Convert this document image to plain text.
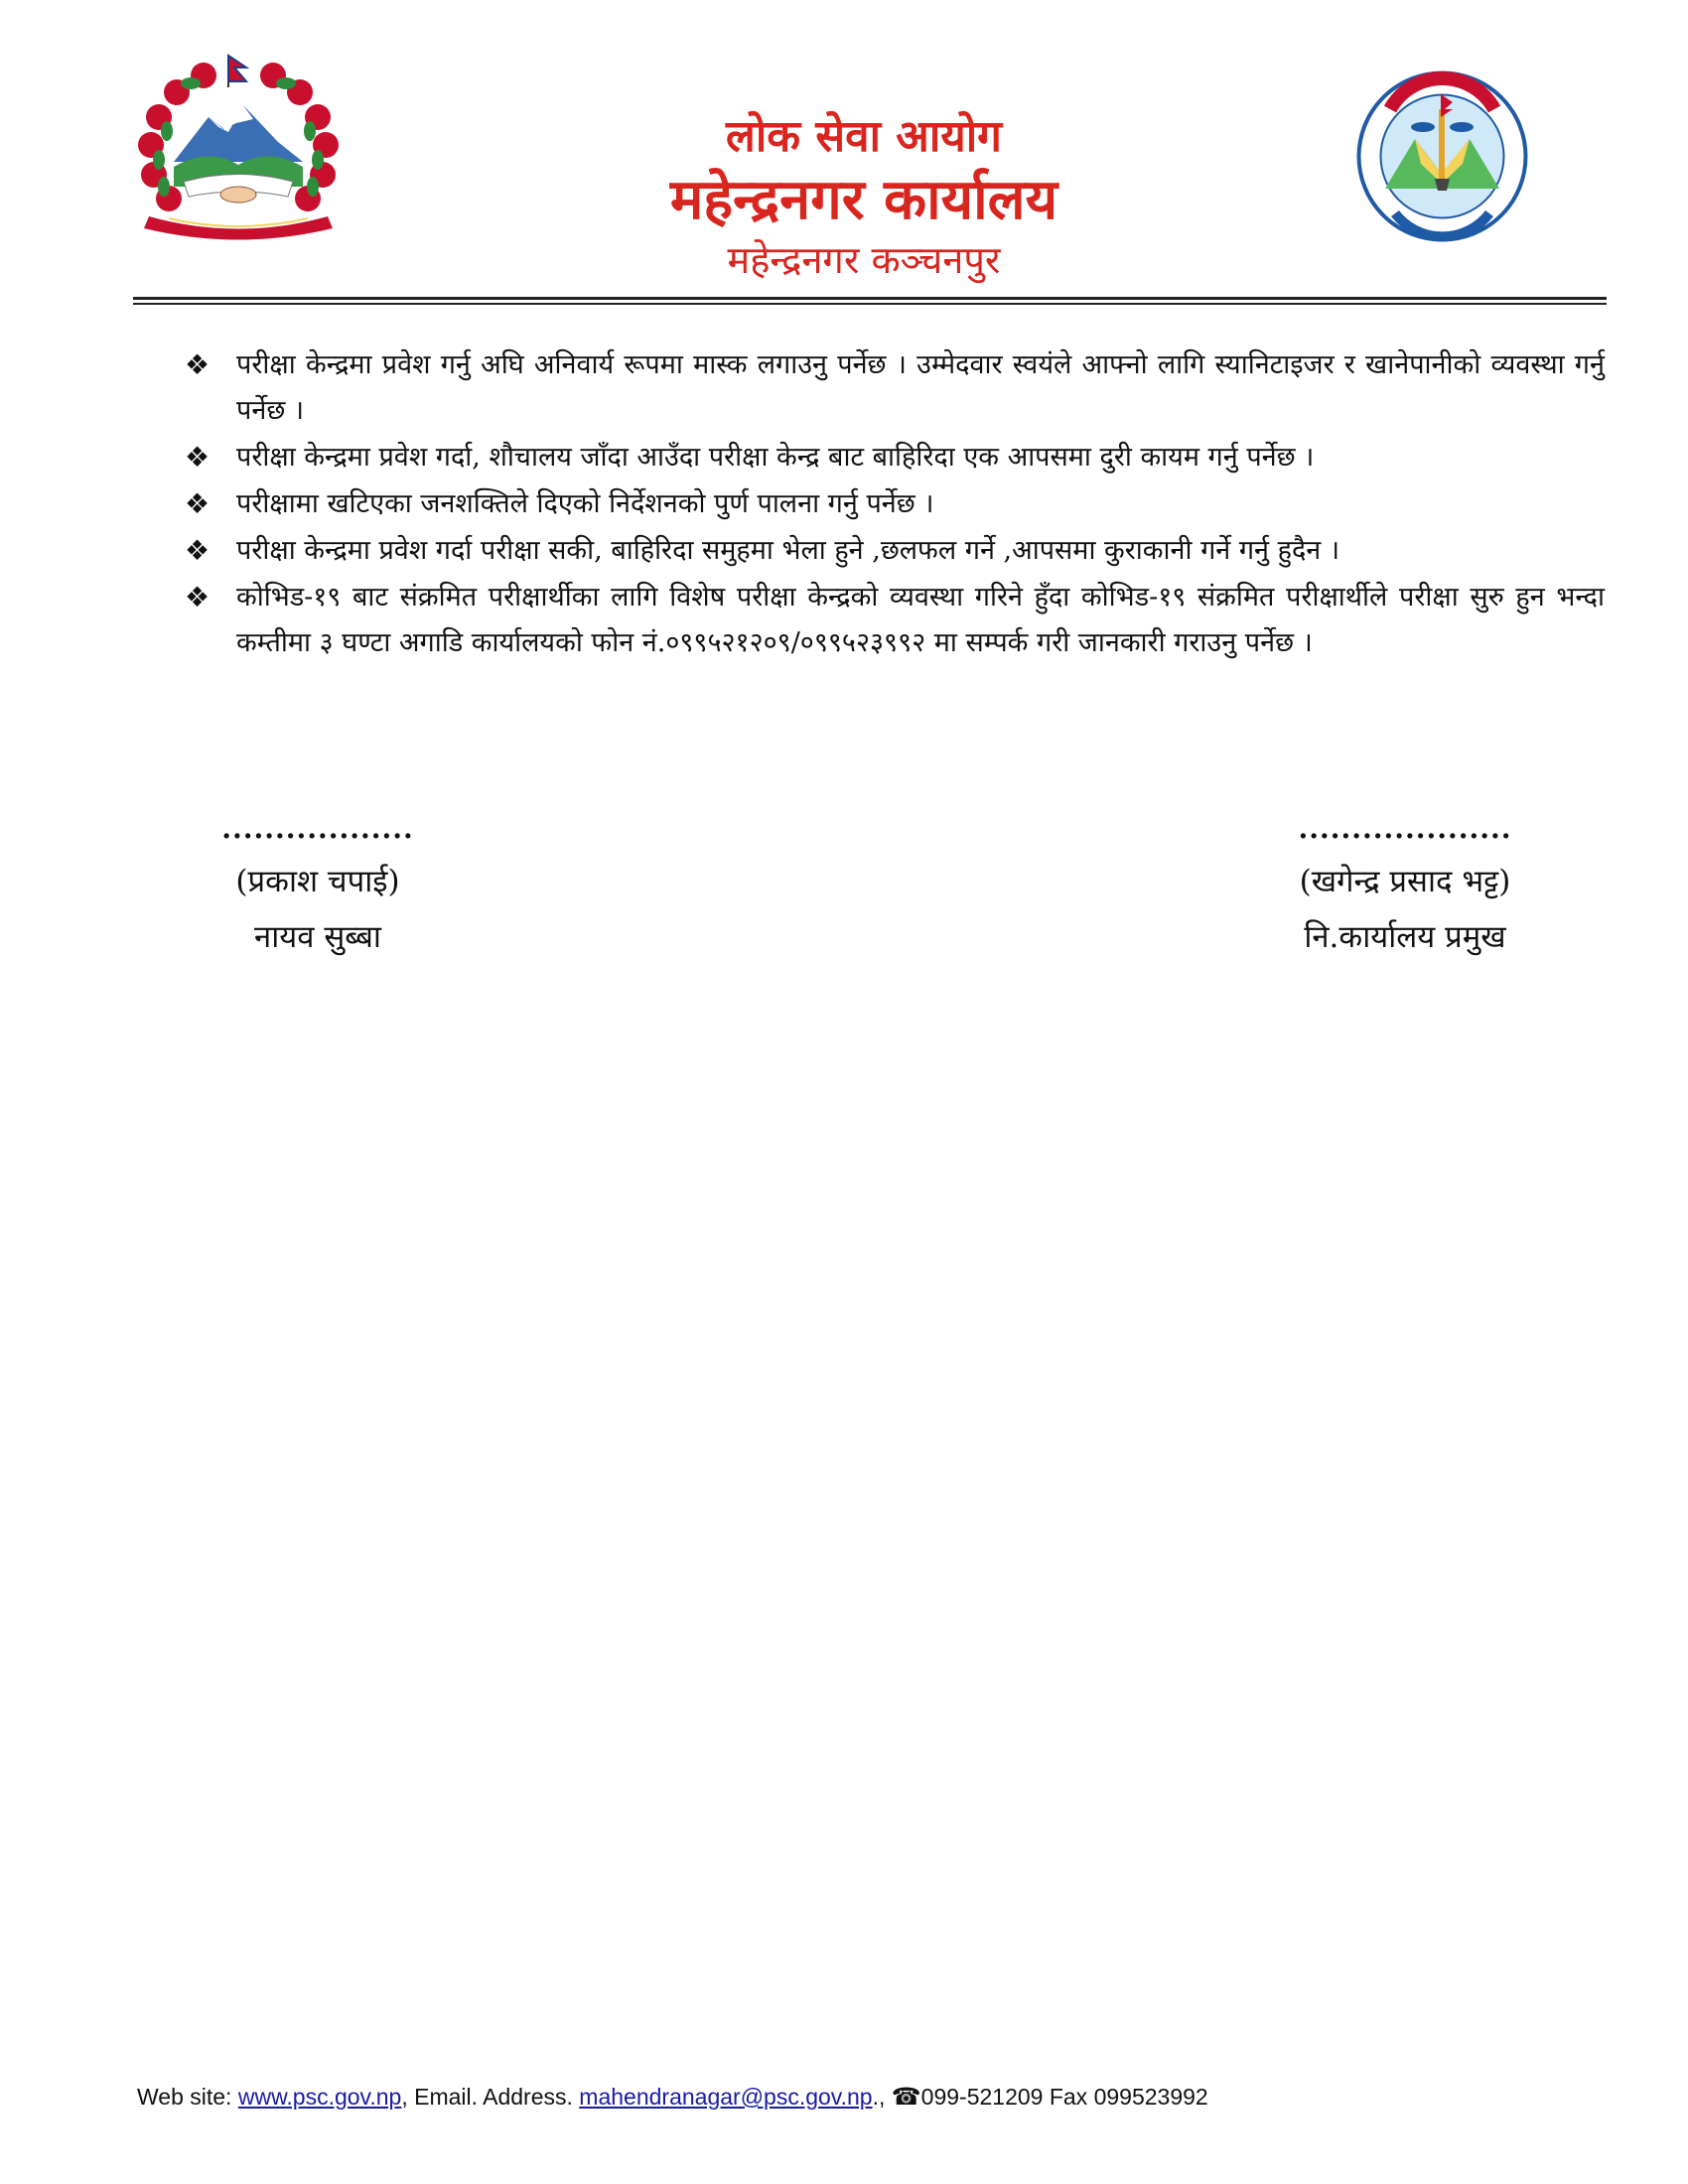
लोक सेवा आयोग

महेन्द्रनगर कार्यालय

महेन्द्रनगर कञ्चनपुर

❖ परीक्षा केन्द्रमा प्रवेश गर्नु अघि अनिवार्य रूपमा मास्क लगाउनु पर्नेछ । उम्मेदवार स्वयंले आफ्नो लागि स्यानिटाइजर र खानेपानीको व्यवस्था गर्नु पर्नेछ ।
❖ परीक्षा केन्द्रमा प्रवेश गर्दा, शौचालय जाँदा आउँदा परीक्षा केन्द्र बाट बाहिरिदा एक आपसमा दुरी कायम गर्नु पर्नेछ ।
❖ परीक्षामा खटिएका जनशक्तिले दिएको निर्देशनको पुर्ण पालना गर्नु पर्नेछ ।
❖ परीक्षा केन्द्रमा प्रवेश गर्दा परीक्षा सकी, बाहिरिदा समुहमा भेला हुने ,छलफल गर्ने ,आपसमा कुराकानी गर्ने गर्नु हुदैन ।
❖ कोभिड-१९ बाट संक्रमित परीक्षार्थीका लागि विशेष परीक्षा केन्द्रको व्यवस्था गरिने हुँदा कोभिड-१९ संक्रमित परीक्षार्थीले परीक्षा सुरु हुन भन्दा कम्तीमा ३ घण्टा अगाडि कार्यालयको फोन नं.०९९५२१२०९/०९९५२३९९२ मा सम्पर्क गरी जानकारी गराउनु पर्नेछ ।
..................
(प्रकाश चपाई)
नायव सुब्बा
....................
(खगेन्द्र प्रसाद भट्ट)
नि.कार्यालय प्रमुख
Web site: www.psc.gov.np, Email. Address. mahendranagar@psc.gov.np., ☎099-521209 Fax 099523992
